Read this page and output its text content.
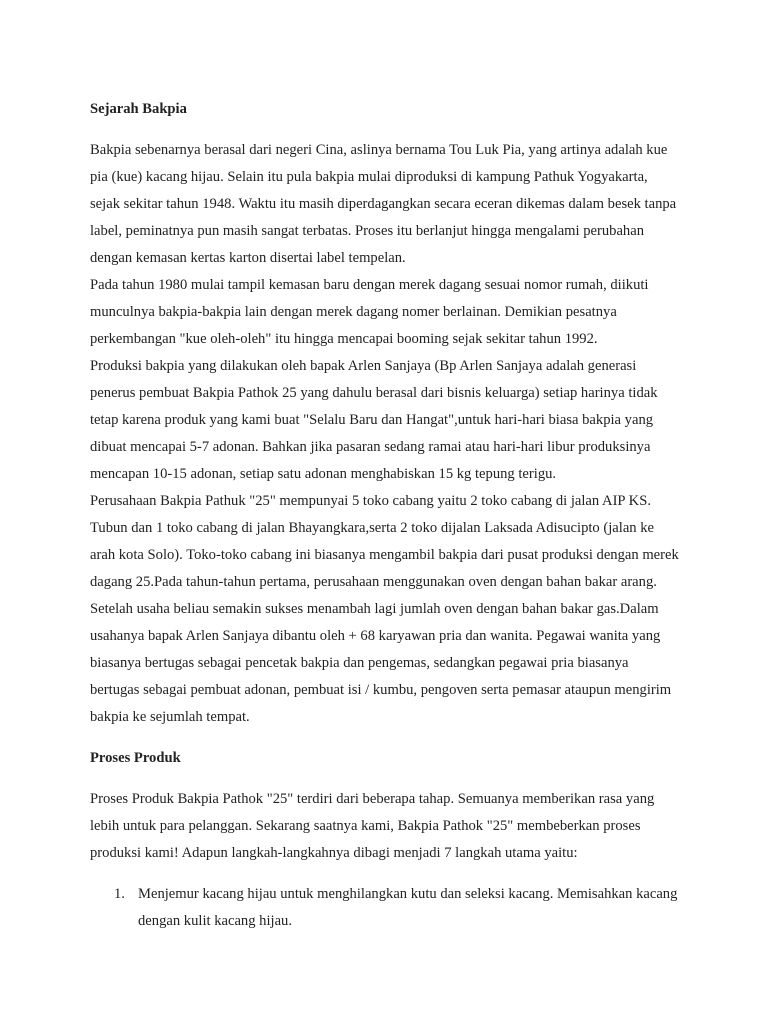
Sejarah Bakpia

Bakpia sebenarnya berasal dari negeri Cina, aslinya bernama Tou Luk Pia, yang artinya adalah kue pia (kue) kacang hijau. Selain itu pula bakpia mulai diproduksi di kampung Pathuk Yogyakarta, sejak sekitar tahun 1948. Waktu itu masih diperdagangkan secara eceran dikemas dalam besek tanpa label, peminatnya pun masih sangat terbatas. Proses itu berlanjut hingga mengalami perubahan dengan kemasan kertas karton disertai label tempelan.

Pada tahun 1980 mulai tampil kemasan baru dengan merek dagang sesuai nomor rumah, diikuti munculnya bakpia-bakpia lain dengan merek dagang nomer berlainan. Demikian pesatnya perkembangan "kue oleh-oleh" itu hingga mencapai booming sejak sekitar tahun 1992.

Produksi bakpia yang dilakukan oleh bapak Arlen Sanjaya (Bp Arlen Sanjaya adalah generasi penerus pembuat Bakpia Pathok 25 yang dahulu berasal dari bisnis keluarga) setiap harinya tidak tetap karena produk yang kami buat "Selalu Baru dan Hangat",untuk hari-hari biasa bakpia yang dibuat mencapai 5-7 adonan. Bahkan jika pasaran sedang ramai atau hari-hari libur produksinya mencapan 10-15 adonan, setiap satu adonan menghabiskan 15 kg tepung terigu.

Perusahaan Bakpia Pathuk "25" mempunyai 5 toko cabang yaitu 2 toko cabang di jalan AIP KS. Tubun dan 1 toko cabang di jalan Bhayangkara,serta 2 toko dijalan Laksada Adisucipto (jalan ke arah kota Solo). Toko-toko cabang ini biasanya mengambil bakpia dari pusat produksi dengan merek dagang 25.Pada tahun-tahun pertama, perusahaan menggunakan oven dengan bahan bakar arang. Setelah usaha beliau semakin sukses menambah lagi jumlah oven dengan bahan bakar gas.Dalam usahanya bapak Arlen Sanjaya dibantu oleh + 68 karyawan pria dan wanita. Pegawai wanita yang biasanya bertugas sebagai pencetak bakpia dan pengemas, sedangkan pegawai pria biasanya bertugas sebagai pembuat adonan, pembuat isi / kumbu, pengoven serta pemasar ataupun mengirim bakpia ke sejumlah tempat.

Proses Produk

Proses Produk Bakpia Pathok "25" terdiri dari beberapa tahap. Semuanya memberikan rasa yang lebih untuk para pelanggan. Sekarang saatnya kami, Bakpia Pathok "25" membeberkan proses produksi kami! Adapun langkah-langkahnya dibagi menjadi 7 langkah utama yaitu:

1. Menjemur kacang hijau untuk menghilangkan kutu dan seleksi kacang. Memisahkan kacang dengan kulit kacang hijau.
